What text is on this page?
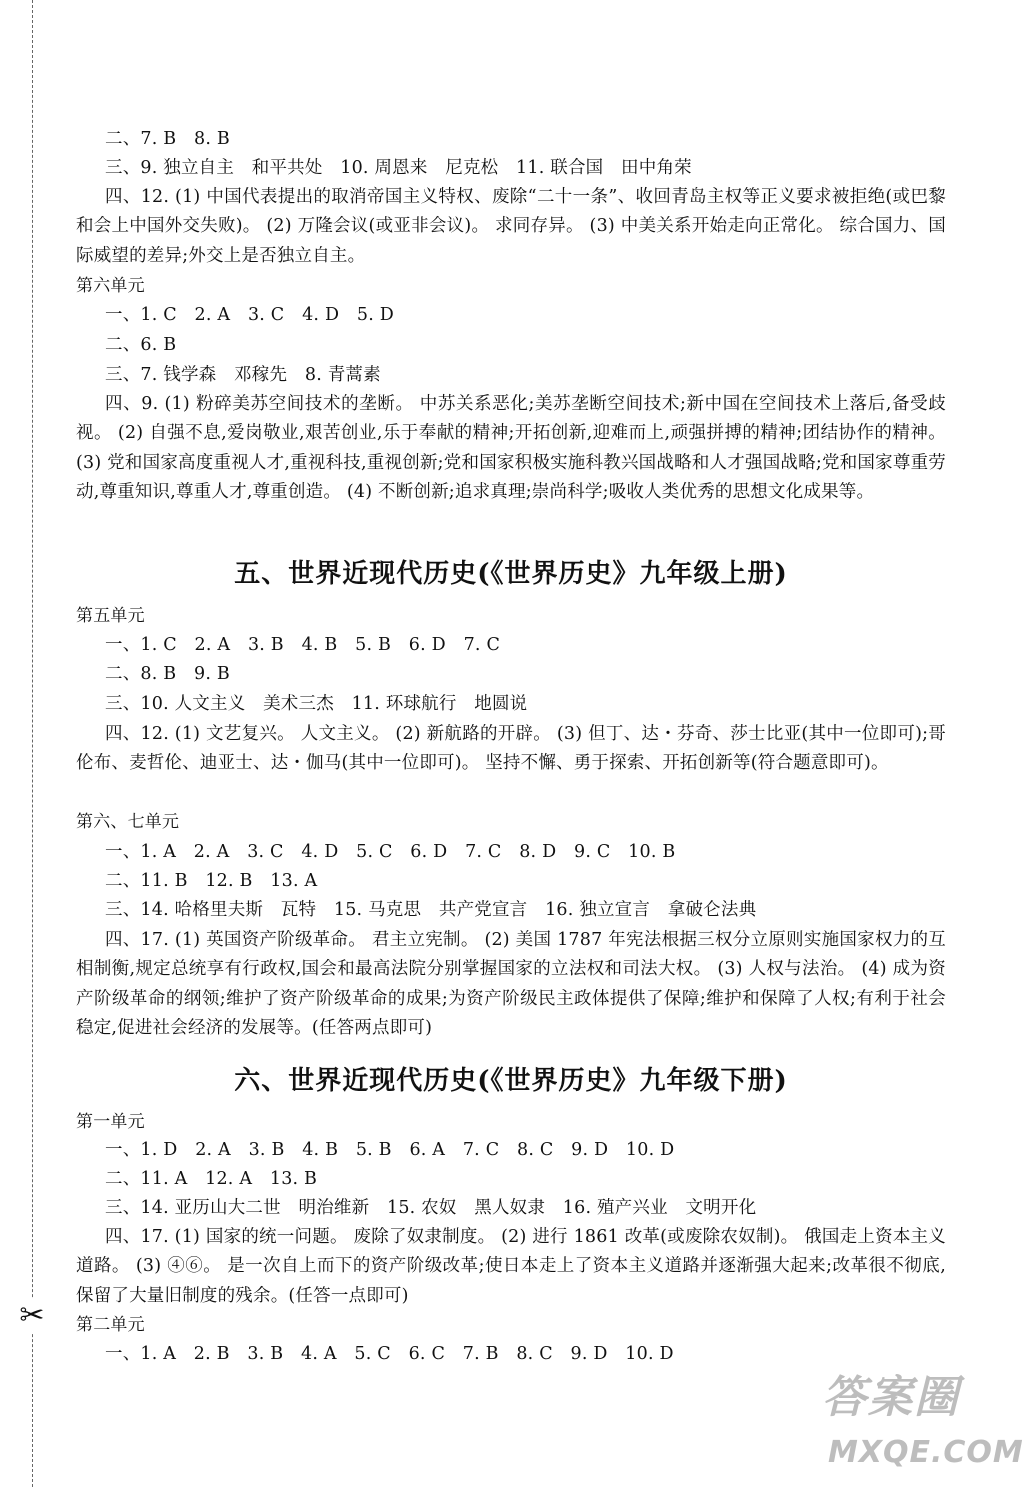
✂
二、7. B　8. B
三、9. 独立自主　和平共处　10. 周恩来　尼克松　11. 联合国　田中角荣
四、12. (1) 中国代表提出的取消帝国主义特权、废除“二十一条”、收回青岛主权等正义要求被拒绝(或巴黎和会上中国外交失败)。 (2) 万隆会议(或亚非会议)。 求同存异。 (3) 中美关系开始走向正常化。 综合国力、国际威望的差异;外交上是否独立自主。
第六单元
一、1. C　2. A　3. C　4. D　5. D
二、6. B
三、7. 钱学森　邓稼先　8. 青蒿素
四、9. (1) 粉碎美苏空间技术的垄断。 中苏关系恶化;美苏垄断空间技术;新中国在空间技术上落后,备受歧视。 (2) 自强不息,爱岗敬业,艰苦创业,乐于奉献的精神;开拓创新,迎难而上,顽强拼搏的精神;团结协作的精神。 (3) 党和国家高度重视人才,重视科技,重视创新;党和国家积极实施科教兴国战略和人才强国战略;党和国家尊重劳动,尊重知识,尊重人才,尊重创造。 (4) 不断创新;追求真理;崇尚科学;吸收人类优秀的思想文化成果等。
五、世界近现代历史(《世界历史》九年级上册)
第五单元
一、1. C　2. A　3. B　4. B　5. B　6. D　7. C
二、8. B　9. B
三、10. 人文主义　美术三杰　11. 环球航行　地圆说
四、12. (1) 文艺复兴。 人文主义。 (2) 新航路的开辟。 (3) 但丁、达・芬奇、莎士比亚(其中一位即可);哥伦布、麦哲伦、迪亚士、达・伽马(其中一位即可)。 坚持不懈、勇于探索、开拓创新等(符合题意即可)。
第六、七单元
一、1. A　2. A　3. C　4. D　5. C　6. D　7. C　8. D　9. C　10. B
二、11. B　12. B　13. A
三、14. 哈格里夫斯　瓦特　15. 马克思　共产党宣言　16. 独立宣言　拿破仑法典
四、17. (1) 英国资产阶级革命。 君主立宪制。 (2) 美国 1787 年宪法根据三权分立原则实施国家权力的互相制衡,规定总统享有行政权,国会和最高法院分别掌握国家的立法权和司法大权。 (3) 人权与法治。 (4) 成为资产阶级革命的纲领;维护了资产阶级革命的成果;为资产阶级民主政体提供了保障;维护和保障了人权;有利于社会稳定,促进社会经济的发展等。(任答两点即可)
六、世界近现代历史(《世界历史》九年级下册)
第一单元
一、1. D　2. A　3. B　4. B　5. B　6. A　7. C　8. C　9. D　10. D
二、11. A　12. A　13. B
三、14. 亚历山大二世　明治维新　15. 农奴　黑人奴隶　16. 殖产兴业　文明开化
四、17. (1) 国家的统一问题。 废除了奴隶制度。 (2) 进行 1861 改革(或废除农奴制)。 俄国走上资本主义道路。 (3) ④⑥。 是一次自上而下的资产阶级改革;使日本走上了资本主义道路并逐渐强大起来;改革很不彻底,保留了大量旧制度的残余。(任答一点即可)
第二单元
一、1. A　2. B　3. B　4. A　5. C　6. C　7. B　8. C　9. D　10. D
答案圈
MXQE.COM
